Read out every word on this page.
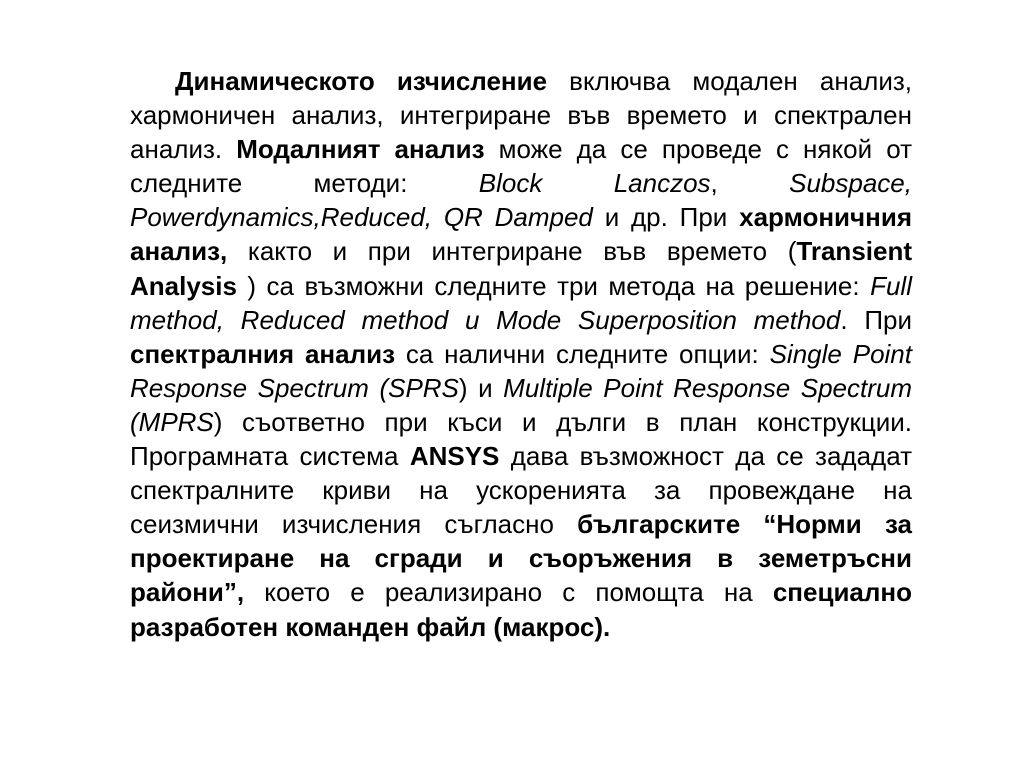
Динамическото изчисление включва модален анализ, хармоничен анализ, интегриране във времето и спектрален анализ. Модалният анализ може да се проведе с някой от следните методи: Block Lanczos, Subspace, Powerdynamics,Reduced, QR Damped и др. При хармоничния анализ, както и при интегриране във времето (Transient Analysis ) са възможни следните три метода на решение: Full method, Reduced method и Mode Superposition method. При спектралния анализ са налични следните опции: Single Point Response Spectrum (SPRS) и Multiple Point Response Spectrum (MPRS) съответно при къси и дълги в план конструкции. Програмната система ANSYS дава възможност да се зададат спектралните криви на ускоренията за провеждане на сеизмични изчисления съгласно българските “Норми за проектиране на сгради и съоръжения в земетръсни райони”, което е реализирано с помощта на специално разработен команден файл (макрос).
